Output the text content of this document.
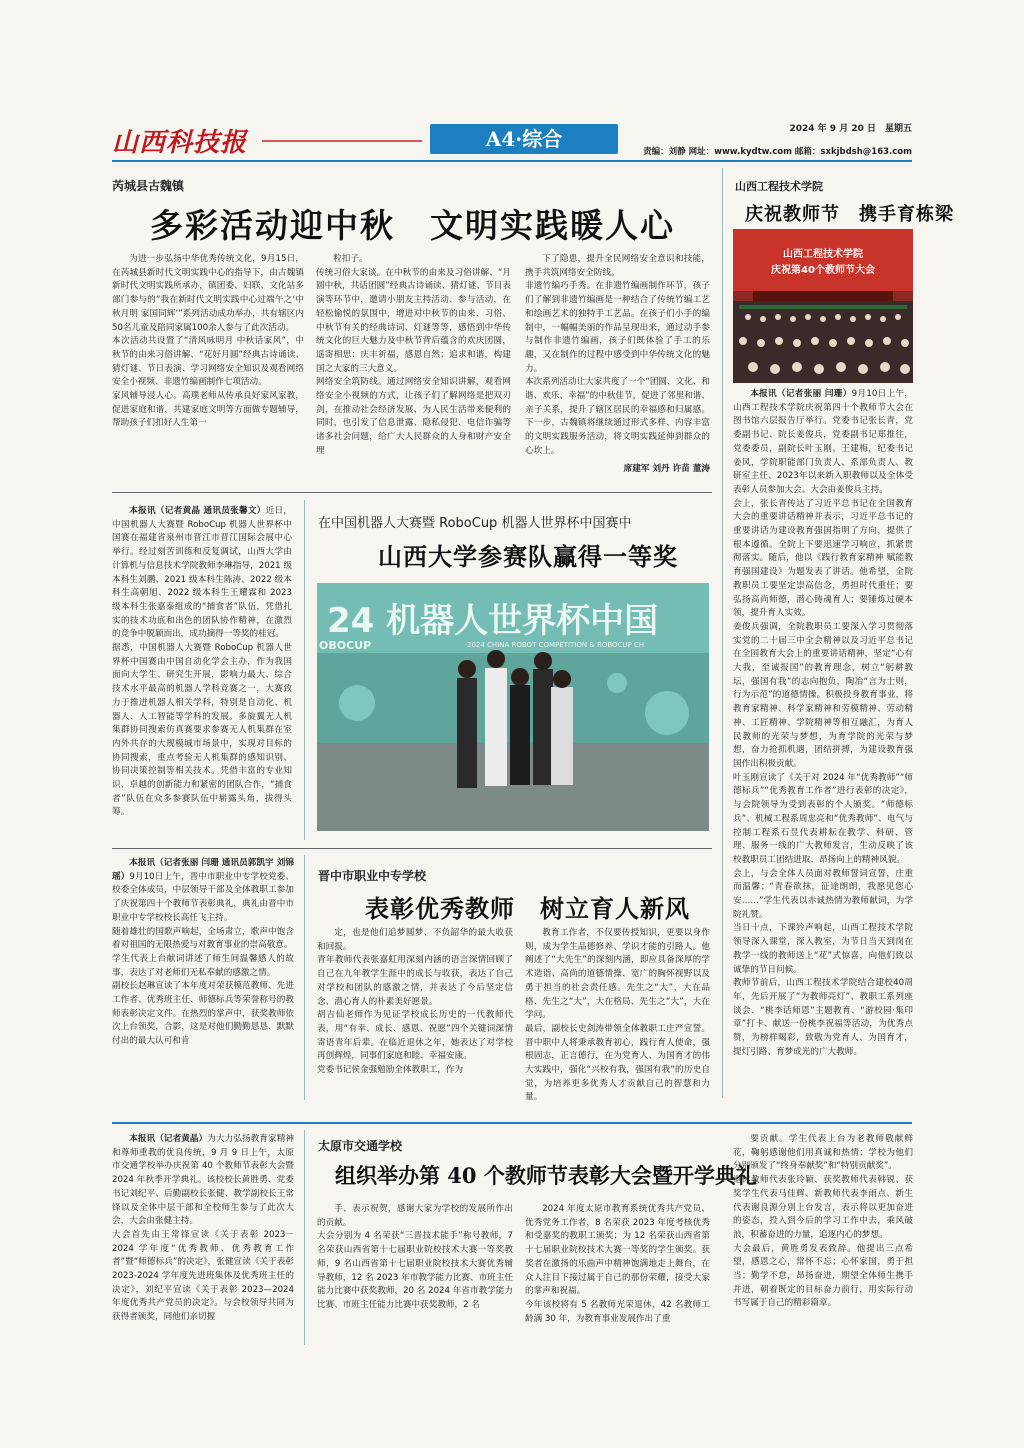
山西科技报	A4·综合	2024 年 9 月 20 日　星期五
责编：刘静 网址：www.kydtw.com 邮箱：sxkjbdsh@163.com
芮城县古魏镇
多彩活动迎中秋　文明实践暖人心
为进一步弘扬中华优秀传统文化，9月15日，在芮城县新时代文明实践中心的指导下，由古魏镇新时代文明实践所承办，镇团委、妇联、文化站多部门参与的“我在新时代文明实践中心过端午之‘中秋月明 家国同辉’”系列活动成功举办，共有辖区内50名儿童及陪同家属100余人参与了此次活动。
本次活动共设置了“清风咏明月 中秋话家风”，中秋节的由来习俗讲解、“花好月圆”经典古诗诵读、猜灯谜、节日表演、学习网络安全知识及观看网络安全小视频、非遗竹编画制作七项活动。
家风辅导浸人心。高璞老师从传承良好家风家教，促进家庭和谐，共建家庭文明等方面做专题辅导，帮助孩子们扣好人生第一
粒扣子。
传统习俗大家谈。在中秋节的由来及习俗讲解、“月圆中秋，共话团圆”经典古诗诵读、猜灯谜、节目表演等环节中，邀请小朋友主持活动、参与活动，在轻松愉悦的氛围中，增进对中秋节的由来、习俗、中秋节有关的经典诗词、灯谜等等，感悟到中华传统文化的巨大魅力及中秋节背后蕴含的欢庆团圆，遥寄相思；庆丰祈福，感恩自然；追求和谐，构建国之大家的三大意义。
网络安全筑防线。通过网络安全知识讲解，观看网络安全小视频的方式，让孩子们了解网络是把双刃剑，在推动社会经济发展、为人民生活带来便利的同时，也引发了信息泄露、隐私侵犯、电信诈骗等诸多社会问题，给广大人民群众的人身和财产安全埋
下了隐患，提升全民网络安全意识和技能，携手共筑网络安全防线。
非遗竹编巧手秀。在非遗竹编画制作环节，孩子们了解到非遗竹编画是一种结合了传统竹编工艺和绘画艺术的独特手工艺品。在孩子们小手的编制中，一幅幅美丽的作品呈现出来，通过动手参与制作非遗竹编画，孩子们既体验了手工的乐趣，又在制作的过程中感受到中华传统文化的魅力。
本次系列活动让大家共度了一个“团圆、文化、和谐、欢乐、幸福”的中秋佳节，促进了邻里和谐、亲子关系，提升了辖区居民的幸福感和归属感。下一步，古魏镇将继续通过形式多样、内容丰富的文明实践服务活动，将文明实践延伸到群众的心坎上。
席建军 刘丹 许苗 董涛
山西工程技术学院
庆祝教师节　携手育栋梁
山西工程技术学院
庆祝第40个教师节大会
本报讯（记者张丽 闫珊）9月10日上午，山西工程技术学院庆祝第四十个教师节大会在图书馆六层报告厅举行。党委书记张长青，党委副书记、院长姜俊兵，党委副书记郑推往，党委委员，副院长叶玉刚、王建梅，纪委书记姜风，学院职能部门负责人、系部负责人、教研室主任、2023年以来新入职教师以及全体受表彰人员参加大会。大会由姜俊兵主持。
会上，张长青传达了习近平总书记在全国教育大会的重要讲话精神并表示，习近平总书记的重要讲话为建设教育强国指明了方向，提供了根本遵循。全院上下要迅速学习响应，抓紧贯彻落实。随后，他以《践行教育家精神 赋能教育强国建设》为题发表了讲话。他希望，全院教职员工要坚定崇高信念，勇担时代重任；要弘扬高尚师德，潜心铸魂育人；要锤炼过硬本领，提升育人实效。
姜俊兵强调，全院教职员工要深入学习贯彻落实党的二十届三中全会精神以及习近平总书记在全国教育大会上的重要讲话精神，坚定“心有大我，至诚报国”的教育理念，树立“躬耕教坛，强国有我”的志向抱负，陶冶“言为士则，行为示范”的道德情操。积极投身教育事业，将教育家精神、科学家精神和劳模精神、劳动精神、工匠精神、学院精神等相互融汇，为育人民教师的光荣与梦想，为育学院的光荣与梦想，奋力抢抓机遇，团结拼搏，为建设教育强国作出积极贡献。
叶玉刚宣读了《关于对 2024 年“优秀教师”“师德标兵”“优秀教育工作者”进行表彰的决定》，与会院领导为受到表彰的个人颁奖。“师德标兵”、机械工程系周忠亮和“优秀教师”、电气与控制工程系石昱代表耕耘在教学、科研、管理、服务一线的广大教师发言，生动反映了该校教职员工团结进取、昂扬向上的精神风貌。
会上，与会全体人员面对教师誓词宣誓，庄重而温馨；“青春欲抹，征途朗朗，我愿见您心安……”学生代表以赤诚热情为教师献词，为学院礼赞。
当日十点，下课铃声响起，山西工程技术学院领导深入课堂，深入教室，为节日当天到岗在教学一线的教师送上“花”式惊喜，向他们致以诚挚的节日问候。
教师节前后，山西工程技术学院结合建校40周年，先后开展了“为教师亮灯”、教职工系列座谈会、“桃李话师恩”主题教育、“游校园·集印章”打卡、献送一份桃李祝福等活动，为优秀点赞，为榜样喝彩，致敬为党育人、为国育才，提灯引路、育梦成光的广大教师。
本报讯（记者黄晶 通讯员张馨文）近日，中国机器人大赛暨 RoboCup 机器人世界杯中国赛在福建省泉州市晋江市晋江国际会展中心举行。经过刻苦训练和反复调试，山西大学由计算机与信息技术学院教师李琳指导，2021 级本科生刘鹏、2021 级本科生陈涛、2022 级本科生高朝旭、2022 级本科生王耀霖和 2023 级本科生张嘉泰组成的“捕食者”队伍，凭借扎实的技术功底和出色的团队协作精神，在激烈的竞争中脱颖而出，成功摘得一等奖的桂冠。
据悉，中国机器人大赛暨 RoboCup 机器人世界杯中国赛由中国自动化学会主办，作为我国面向大学生、研究生开展，影响力最大、综合技术水平最高的机器人学科竞赛之一，大赛致力于推进机器人相关学科，特别是自动化、机器人、人工智能等学科的发展。多旋翼无人机集群协同搜索仿真赛要求参赛无人机集群在室内外共存的大规模城市场景中，实现对目标的协同搜索，重点考验无人机集群的感知识别、协同决策控制等相关技术。凭借丰富的专业知识、卓越的创新能力和紧密的团队合作，“捕食者”队伍在众多参赛队伍中崭露头角，拔得头筹。
在中国机器人大赛暨 RoboCup 机器人世界杯中国赛中
山西大学参赛队赢得一等奖
24 机器人世界杯中国
OBOCUP	2024 CHINA ROBOT COMPETITION & ROBOCUP CH
本报讯（记者张丽 闫珊 通讯员郭凯宇 刘锦瑶）9月10日上午，晋中市职业中专学校党委、校委全体成员，中层领导干部及全体教职工参加了庆祝第四十个教师节表彰典礼，典礼由晋中市职业中专学校校长高任飞主持。
随着雄壮的国歌声响起，全场肃立，歌声中饱含着对祖国的无限热爱与对教育事业的崇高敬意。
学生代表上台献词讲述了师生间温馨感人的故事，表达了对老师们无私奉献的感激之情。
副校长赵琳宣读了本年度对荣获模范教师、先进工作者、优秀班主任、师德标兵等荣誉称号的教师表彰决定文件。在热烈的掌声中，获奖教师依次上台领奖，合影，这是对他们勤勤恳恳、默默付出的最大认可和肯
晋中市职业中专学校
表彰优秀教师　树立育人新风
定，也是他们追梦圆梦、不负韶华的最大收获和回报。
青年教师代表张嘉虹用深刻内涵的语言深情回顾了自己在九年教学生涯中的成长与收获，表达了自己对学校和团队的感激之情，并表达了今后坚定信念、潜心育人的朴素美好愿景。
胡吉仙老师作为见证学校成长历史的一代教师代表，用“有幸、成长、感恩、祝愿”四个关键词深情寄语青年后辈。在临近退休之年，她表达了对学校再创辉煌，同事们家庭和睦、幸福安康。
党委书记侯金强勉励全体教职工，作为
教育工作者，不仅要传授知识，更要以身作则，成为学生品德修养、学识才能的引路人。他阐述了“大先生”的深刻内涵，即应具备深厚的学术造诣、高尚的道德情操、宽广的胸怀视野以及勇于担当的社会责任感。先生之“大”，大在品格、先生之“大”，大在格局、先生之“大”，大在学问。
最后，副校长史剑涛带领全体教职工庄严宣誓。晋中职中人将秉承教育初心，践行育人使命，强根固志，正言德行，在为党育人、为国育才的伟大实践中，强化“兴校有我，强国有我”的历史自觉，为培养更多优秀人才贡献自己的智慧和力量。
本报讯（记者黄晶）为大力弘扬教育家精神和尊师重教的优良传统，9 月 9 日上午，太原市交通学校举办庆祝第 40 个教师节表彰大会暨 2024 年秋季开学典礼。该校校长黄胜勇、党委书记刘纪平、后勤副校长张健、教学副校长王常锋以及全体中层干部和全校师生参与了此次大会，大会由张健主持。
大会首先由王常锋宣读《关于表彰 2023－2024 学年度“优秀教师、优秀教育工作者”暨“师德标兵”的决定》，张健宣读《关于表彰 2023-2024 学年度先进班集体及优秀班主任的决定》，刘纪平宣读《关于表彰 2023—2024 年度优秀共产党员的决定》。与会校领导共同为获得者颁奖，同他们亲切握
太原市交通学校
组织举办第 40 个教师节表彰大会暨开学典礼
手、表示祝贺，感谢大家为学校的发展所作出的贡献。
大会分别为 4 名荣获“三晋技术能手”称号教师，7 名荣获山西省第十七届职业院校技术大赛一等奖教师，9 名山西省第十七届职业院校技术大赛优秀辅导教师，12 名 2023 年市教学能力比赛、市班主任能力比赛中获奖教师，20 名 2024 年省市教学能力比赛、市班主任能力比赛中获奖教师，2 名
2024 年度太原市教育系统优秀共产党员、优秀党务工作者，8 名荣获 2023 年度考核优秀和受嘉奖的教职工颁奖；为 12 名荣获山西省第十七届职业院校技术大赛一等奖的学生颁奖。获奖者在激扬的乐曲声中精神饱满地走上舞台，在众人注目下接过属于自己的那份荣耀，接受大家的掌声和祝福。
今年该校将有 5 名教师光荣退休，42 名教师工龄满 30 年，为教育事业发展作出了重
要贡献。学生代表上台为老教师敬献鲜花，鞠躬感谢他们用真诚和热情；学校为他们分别颁发了“终身奉献奖”和“特别贡献奖”。
退休教师代表张玲颖、获奖教师代表韩锐、获奖学生代表马佳辉、新教师代表李雨点、新生代表谢良源分别上台发言，表示将以更加奋进的姿态，投入到今后的学习工作中去，乘风破浪，积蓄奋进的力量，追逐内心的梦想。
大会最后，黄胜勇发表致辞。他提出三点希望，感恩之心，常怀不忘；心怀家国，勇于担当；勤学不怠，昂扬奋进，期望全体师生携手并进，朝着既定的目标奋力前行，用实际行动书写属于自己的精彩篇章。
